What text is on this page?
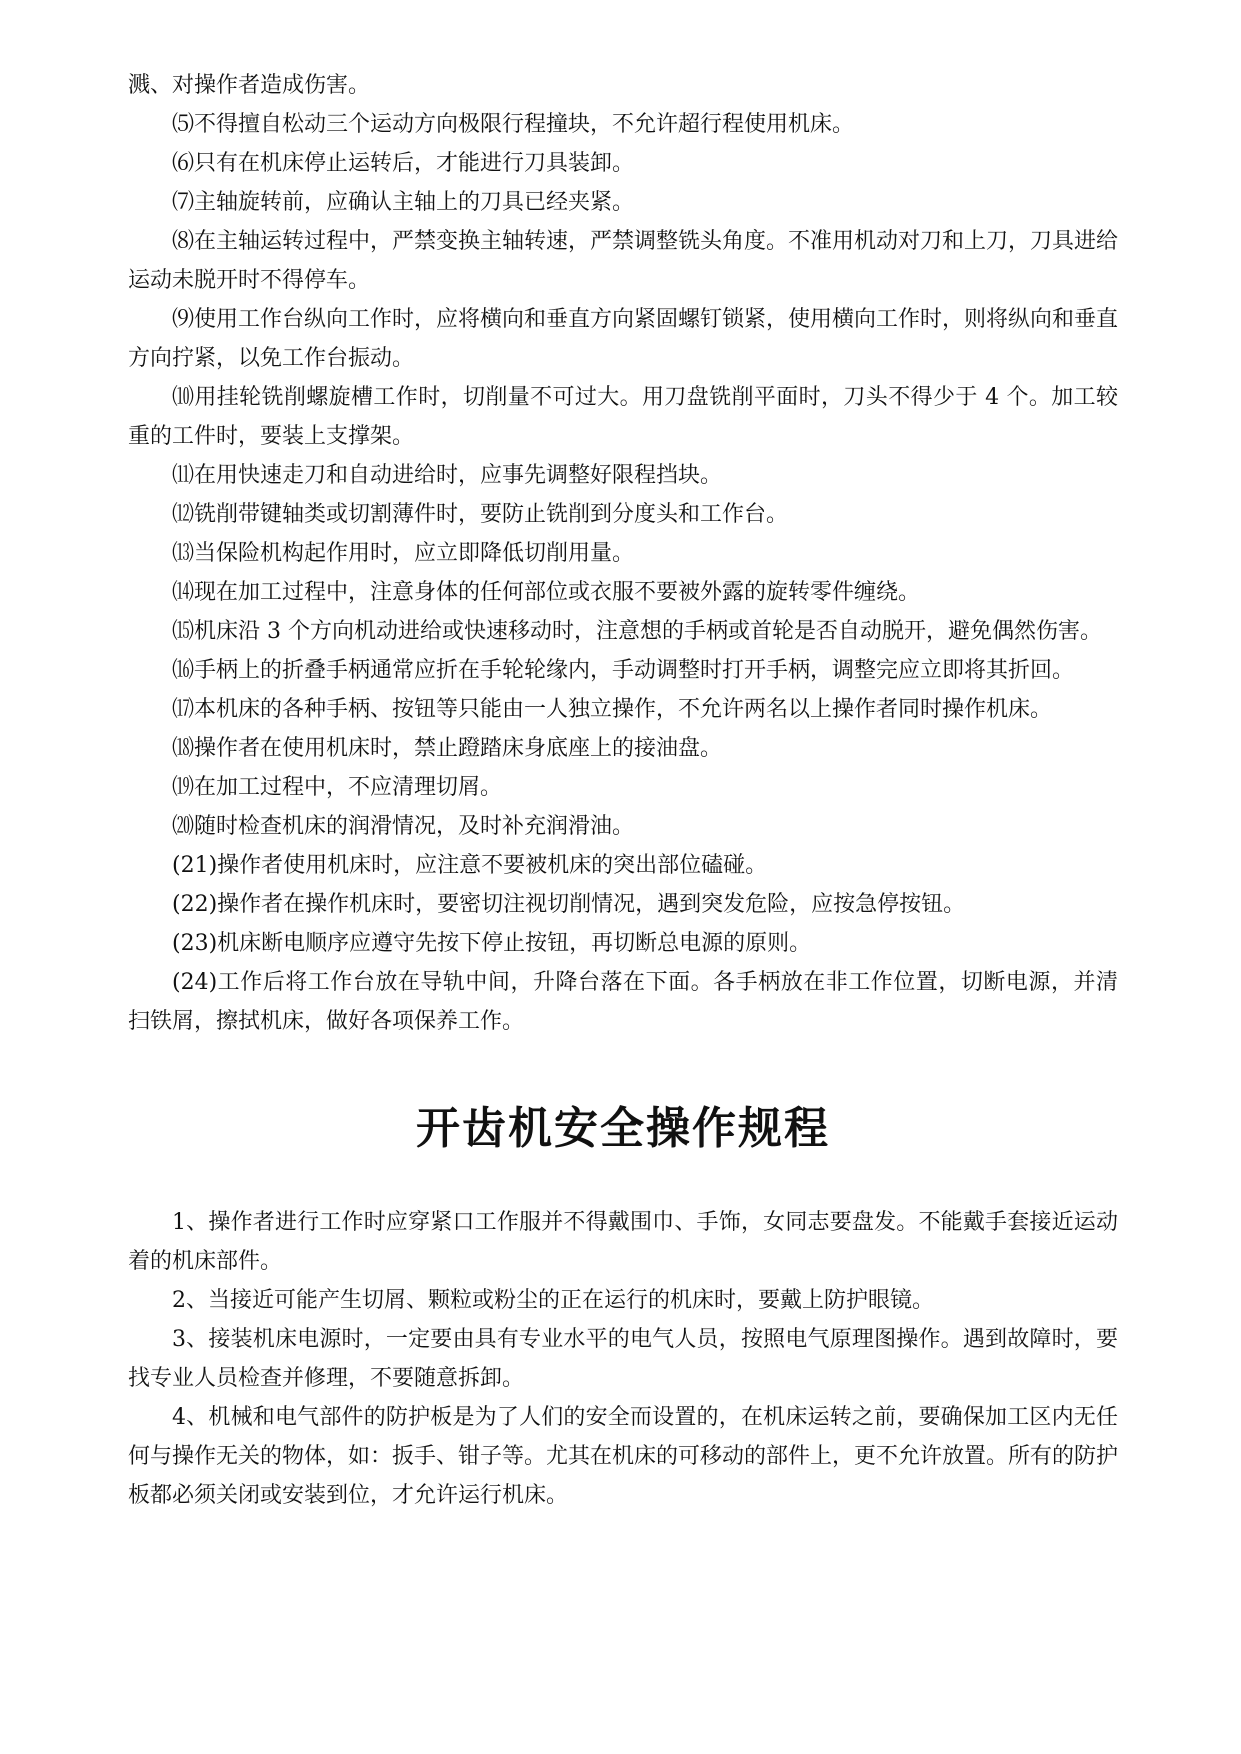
溅、对操作者造成伤害。

⑸不得擅自松动三个运动方向极限行程撞块，不允许超行程使用机床。

⑹只有在机床停止运转后，才能进行刀具装卸。

⑺主轴旋转前，应确认主轴上的刀具已经夹紧。

⑻在主轴运转过程中，严禁变换主轴转速，严禁调整铣头角度。不准用机动对刀和上刀，刀具进给运动未脱开时不得停车。

⑼使用工作台纵向工作时，应将横向和垂直方向紧固螺钉锁紧，使用横向工作时，则将纵向和垂直方向拧紧，以免工作台振动。

⑽用挂轮铣削螺旋槽工作时，切削量不可过大。用刀盘铣削平面时，刀头不得少于 4 个。加工较重的工件时，要装上支撑架。

⑾在用快速走刀和自动进给时，应事先调整好限程挡块。

⑿铣削带键轴类或切割薄件时，要防止铣削到分度头和工作台。

⒀当保险机构起作用时，应立即降低切削用量。

⒁现在加工过程中，注意身体的任何部位或衣服不要被外露的旋转零件缠绕。

⒂机床沿 3 个方向机动进给或快速移动时，注意想的手柄或首轮是否自动脱开，避免偶然伤害。

⒃手柄上的折叠手柄通常应折在手轮轮缘内，手动调整时打开手柄，调整完应立即将其折回。

⒄本机床的各种手柄、按钮等只能由一人独立操作，不允许两名以上操作者同时操作机床。

⒅操作者在使用机床时，禁止蹬踏床身底座上的接油盘。

⒆在加工过程中，不应清理切屑。

⒇随时检查机床的润滑情况，及时补充润滑油。

(21)操作者使用机床时，应注意不要被机床的突出部位磕碰。

(22)操作者在操作机床时，要密切注视切削情况，遇到突发危险，应按急停按钮。

(23)机床断电顺序应遵守先按下停止按钮，再切断总电源的原则。

(24)工作后将工作台放在导轨中间，升降台落在下面。各手柄放在非工作位置，切断电源，并清扫铁屑，擦拭机床，做好各项保养工作。

开齿机安全操作规程

1、操作者进行工作时应穿紧口工作服并不得戴围巾、手饰，女同志要盘发。不能戴手套接近运动着的机床部件。

2、当接近可能产生切屑、颗粒或粉尘的正在运行的机床时，要戴上防护眼镜。

3、接装机床电源时，一定要由具有专业水平的电气人员，按照电气原理图操作。遇到故障时，要找专业人员检查并修理，不要随意拆卸。

4、机械和电气部件的防护板是为了人们的安全而设置的，在机床运转之前，要确保加工区内无任何与操作无关的物体，如：扳手、钳子等。尤其在机床的可移动的部件上，更不允许放置。所有的防护板都必须关闭或安装到位，才允许运行机床。
